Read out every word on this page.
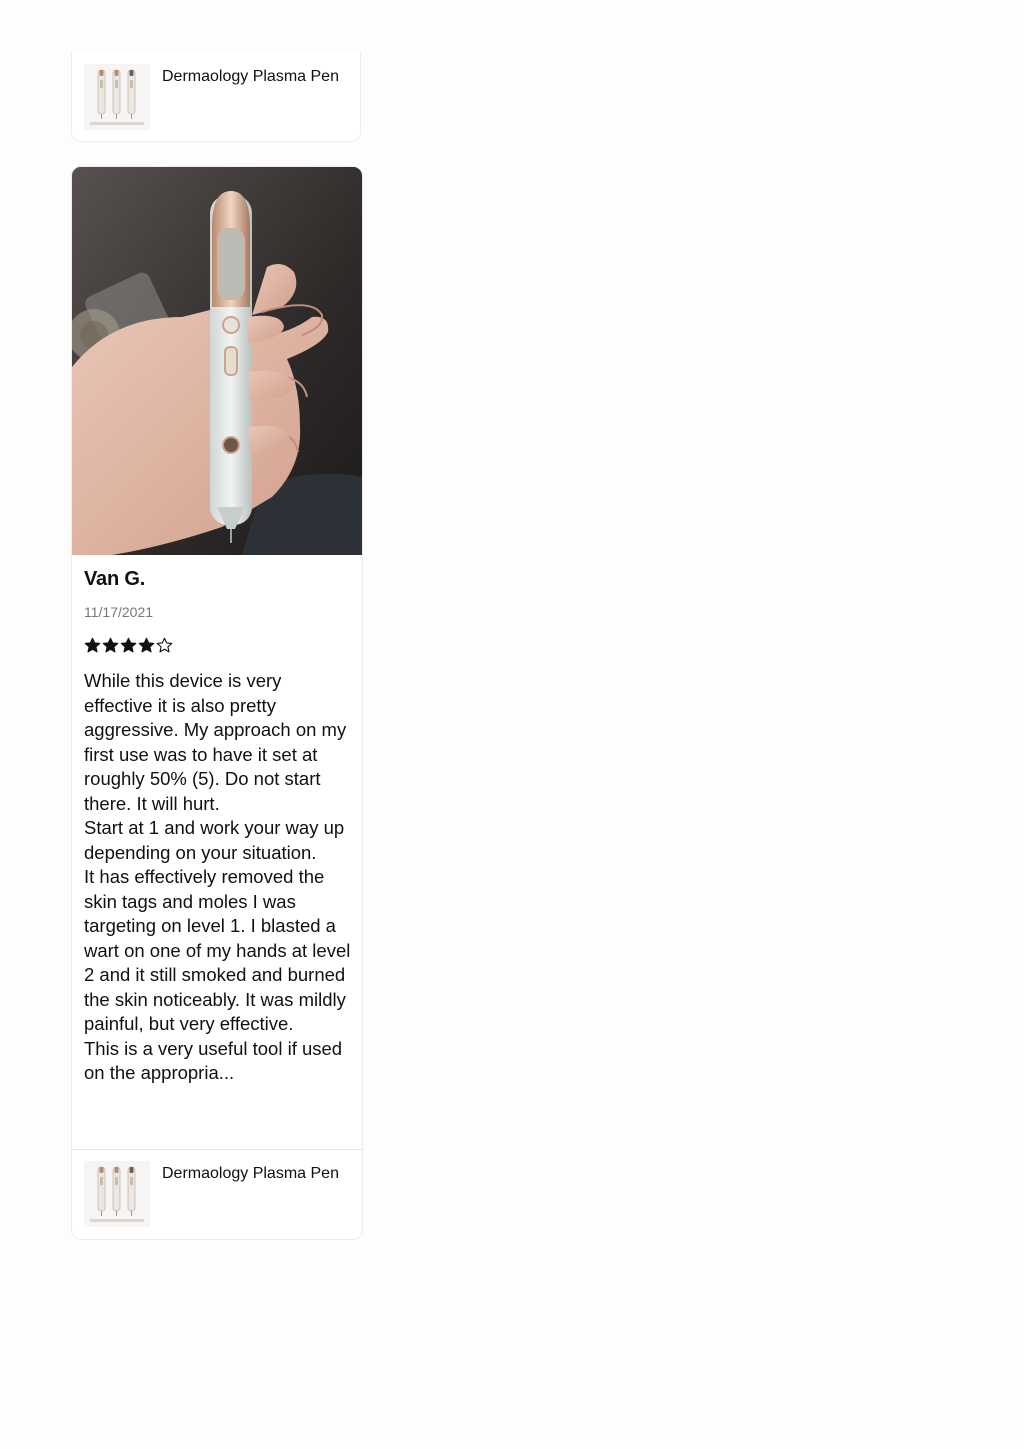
Dermaology Plasma Pen
Van G.
11/17/2021
While this device is very effective it is also pretty aggressive. My approach on my first use was to have it set at roughly 50% (5). Do not start there. It will hurt.
Start at 1 and work your way up depending on your situation.
It has effectively removed the skin tags and moles I was targeting on level 1. I blasted a wart on one of my hands at level 2 and it still smoked and burned the skin noticeably. It was mildly painful, but very effective.
This is a very useful tool if used on the appropria...
Dermaology Plasma Pen
